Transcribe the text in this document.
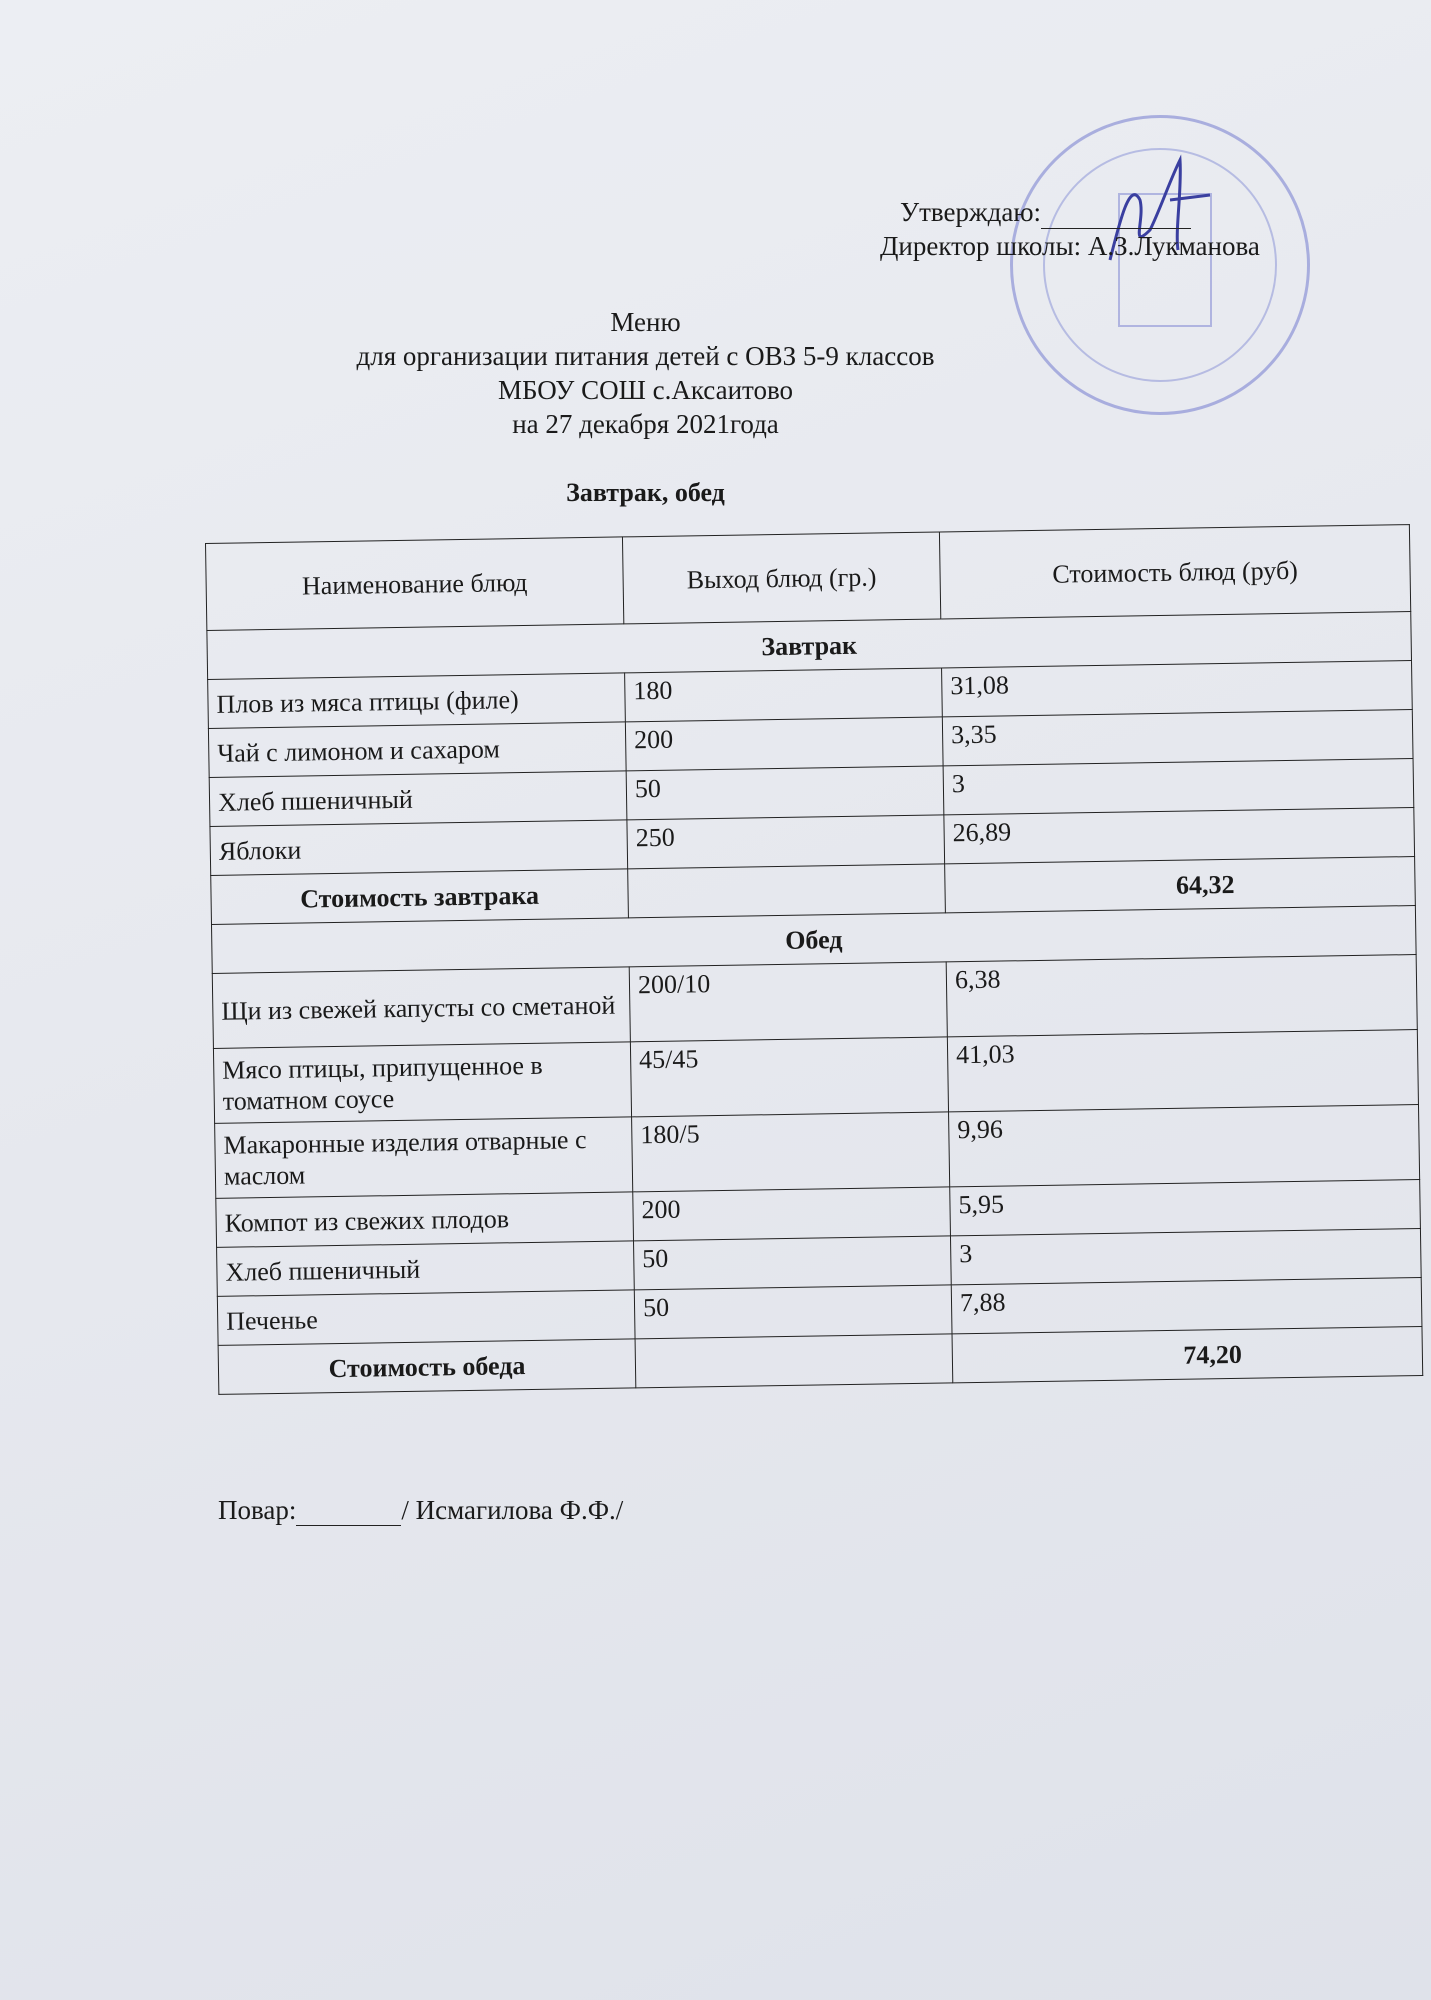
Утверждаю:
Директор школы: А.З.Лукманова
Меню
для организации питания детей с ОВЗ 5-9 классов
МБОУ СОШ с.Аксаитово
на 27 декабря 2021года
Завтрак, обед
Наименование блюд	Выход блюд (гр.)	Стоимость блюд (руб)
Завтрак		
Плов из мяса птицы (филе)	180	31,08
Чай с лимоном и сахаром	200	3,35
Хлеб пшеничный	50	3
Яблоки	250	26,89
Стоимость завтрака		64,32
Обед		
Щи из свежей капусты со сметаной	200/10	6,38
Мясо птицы, припущенное в томатном соусе	45/45	41,03
Макаронные изделия отварные с маслом	180/5	9,96
Компот из свежих плодов	200	5,95
Хлеб пшеничный	50	3
Печенье	50	7,88
Стоимость обеда		74,20
Повар:	/ Исмагилова Ф.Ф./
